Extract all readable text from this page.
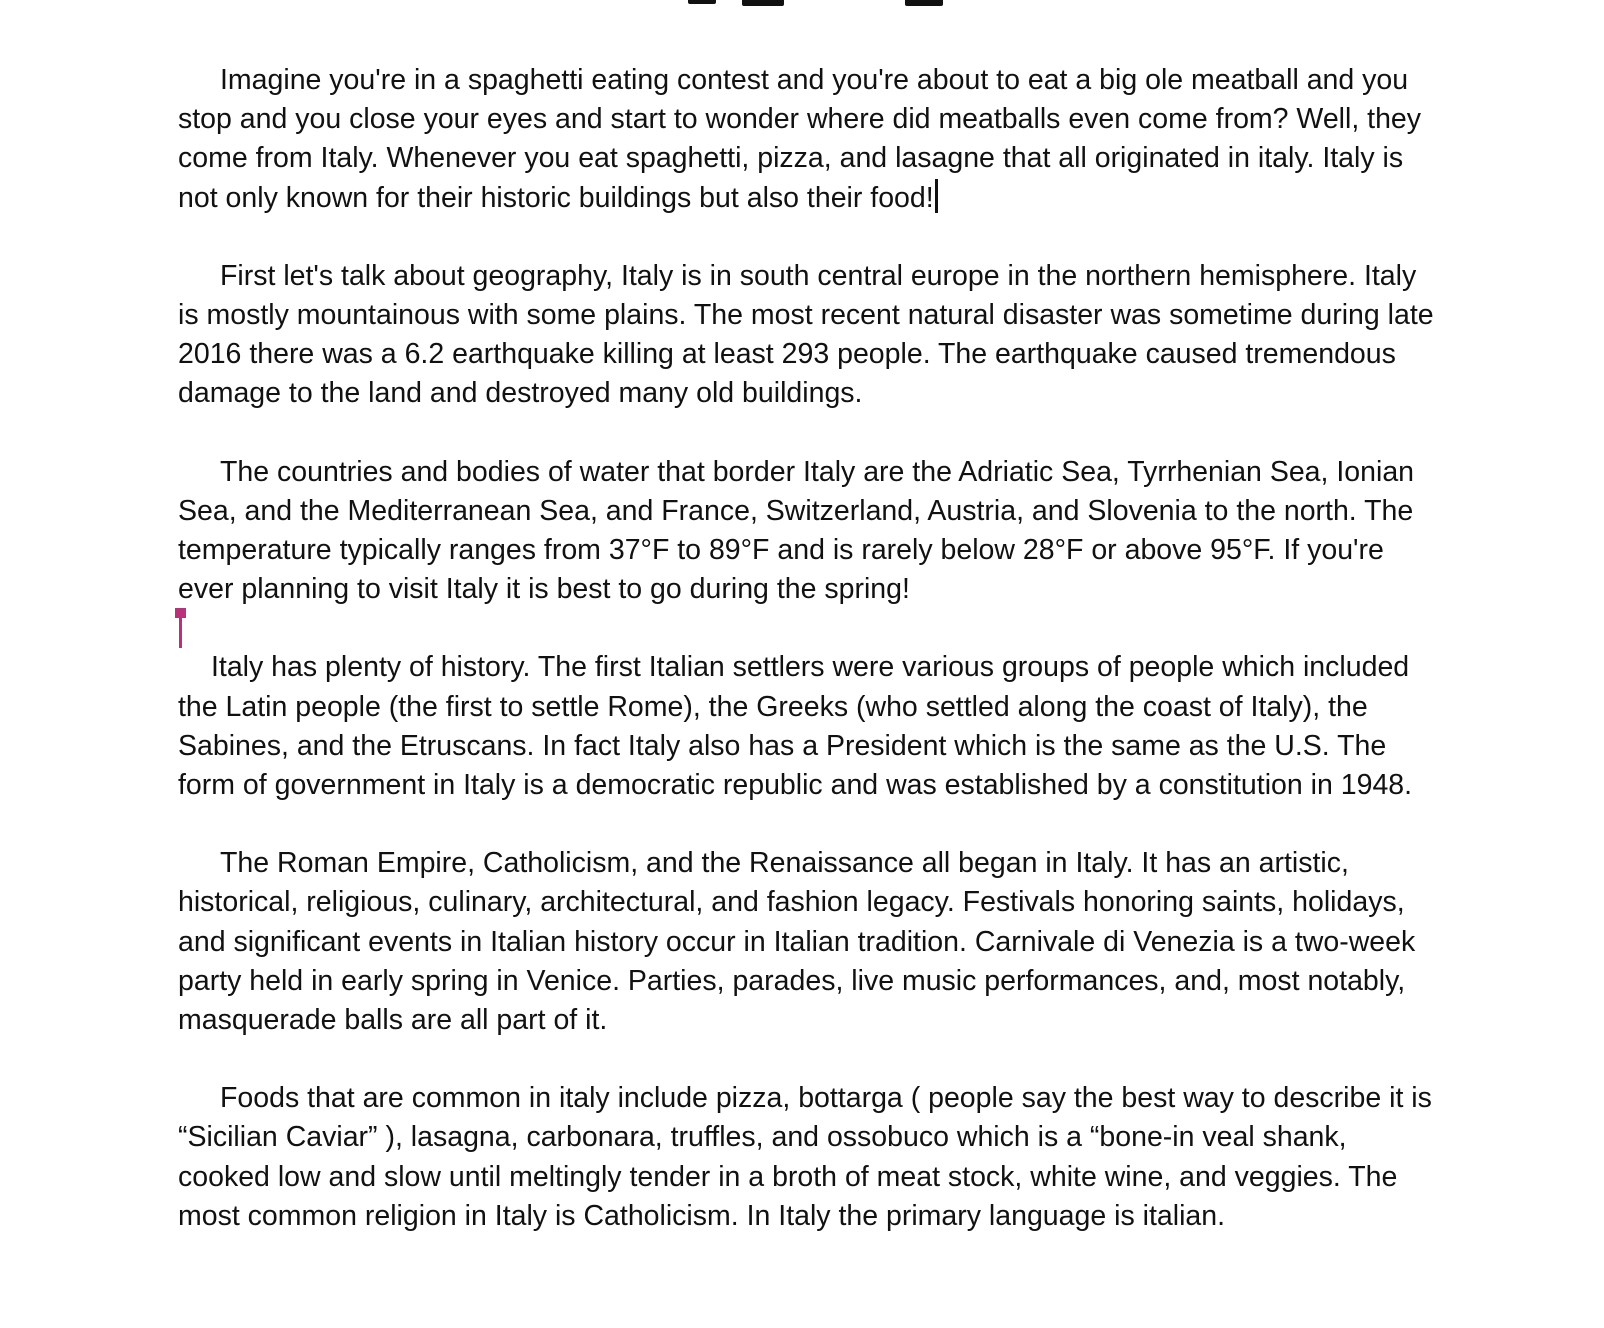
Imagine you're in a spaghetti eating contest and you're about to eat a big ole meatball and you stop and you close your eyes and start to wonder where did meatballs even come from? Well, they come from Italy. Whenever you eat spaghetti, pizza, and lasagne that all originated in italy. Italy is not only known for their historic buildings but also their food!

First let's talk about geography, Italy is in south central europe in the northern hemisphere. Italy is mostly mountainous with some plains. The most recent natural disaster was sometime during late 2016 there was a 6.2 earthquake killing at least 293 people. The earthquake caused tremendous damage to the land and destroyed many old buildings.

The countries and bodies of water that border Italy are the Adriatic Sea, Tyrrhenian Sea, Ionian Sea, and the Mediterranean Sea, and France, Switzerland, Austria, and Slovenia to the north. The temperature typically ranges from 37°F to 89°F and is rarely below 28°F or above 95°F. If you're ever planning to visit Italy it is best to go during the spring!

Italy has plenty of history. The first Italian settlers were various groups of people which included the Latin people (the first to settle Rome), the Greeks (who settled along the coast of Italy), the Sabines, and the Etruscans. In fact Italy also has a President which is the same as the U.S. The form of government in Italy is a democratic republic and was established by a constitution in 1948.

The Roman Empire, Catholicism, and the Renaissance all began in Italy. It has an artistic, historical, religious, culinary, architectural, and fashion legacy. Festivals honoring saints, holidays, and significant events in Italian history occur in Italian tradition. Carnivale di Venezia is a two-week party held in early spring in Venice. Parties, parades, live music performances, and, most notably, masquerade balls are all part of it.

Foods that are common in italy include pizza, bottarga ( people say the best way to describe it is “Sicilian Caviar” ), lasagna, carbonara, truffles, and ossobuco which is a “bone-in veal shank, cooked low and slow until meltingly tender in a broth of meat stock, white wine, and veggies. The most common religion in Italy is Catholicism. In Italy the primary language is italian.
